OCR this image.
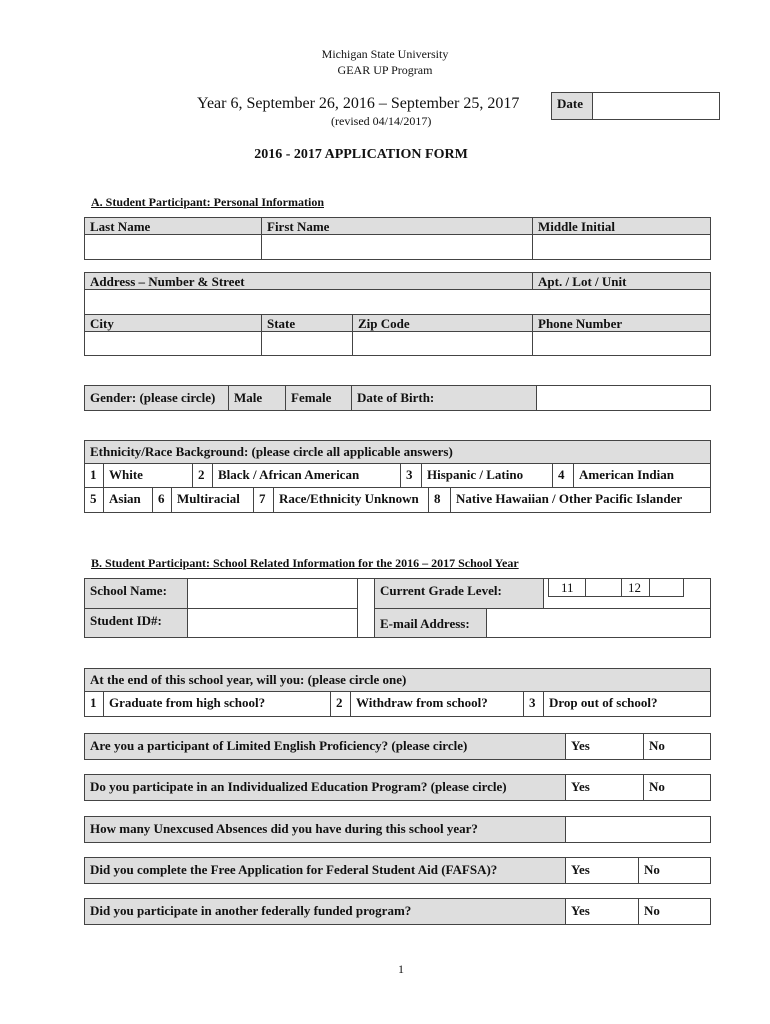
Michigan State University
GEAR UP Program
Year 6, September 26, 2016 – September 25, 2017
(revised 04/14/2017)
Date
2016 - 2017 APPLICATION FORM
A. Student Participant: Personal Information
Last Name	First Name	Middle Initial
Address – Number & Street	Apt. / Lot / Unit
City	State	Zip Code	Phone Number
Gender: (please circle)	Male	Female	Date of Birth:
Ethnicity/Race Background: (please circle all applicable answers)
1 White	2	Black / African American	3	Hispanic / Latino	4	American Indian
5 Asian	6 Multiracial	7	Race/Ethnicity Unknown	8	Native Hawaiian / Other Pacific Islander
B. Student Participant: School Related Information for the 2016 – 2017 School Year
School Name:	Current Grade Level:	11	12
Student ID#:	E-mail Address:
At the end of this school year, will you: (please circle one)
1 Graduate from high school?	2	Withdraw from school?	3	Drop out of school?
Are you a participant of Limited English Proficiency? (please circle)	Yes	No
Do you participate in an Individualized Education Program? (please circle)	Yes	No
How many Unexcused Absences did you have during this school year?
Did you complete the Free Application for Federal Student Aid (FAFSA)?	Yes	No
Did you participate in another federally funded program?	Yes	No
1
